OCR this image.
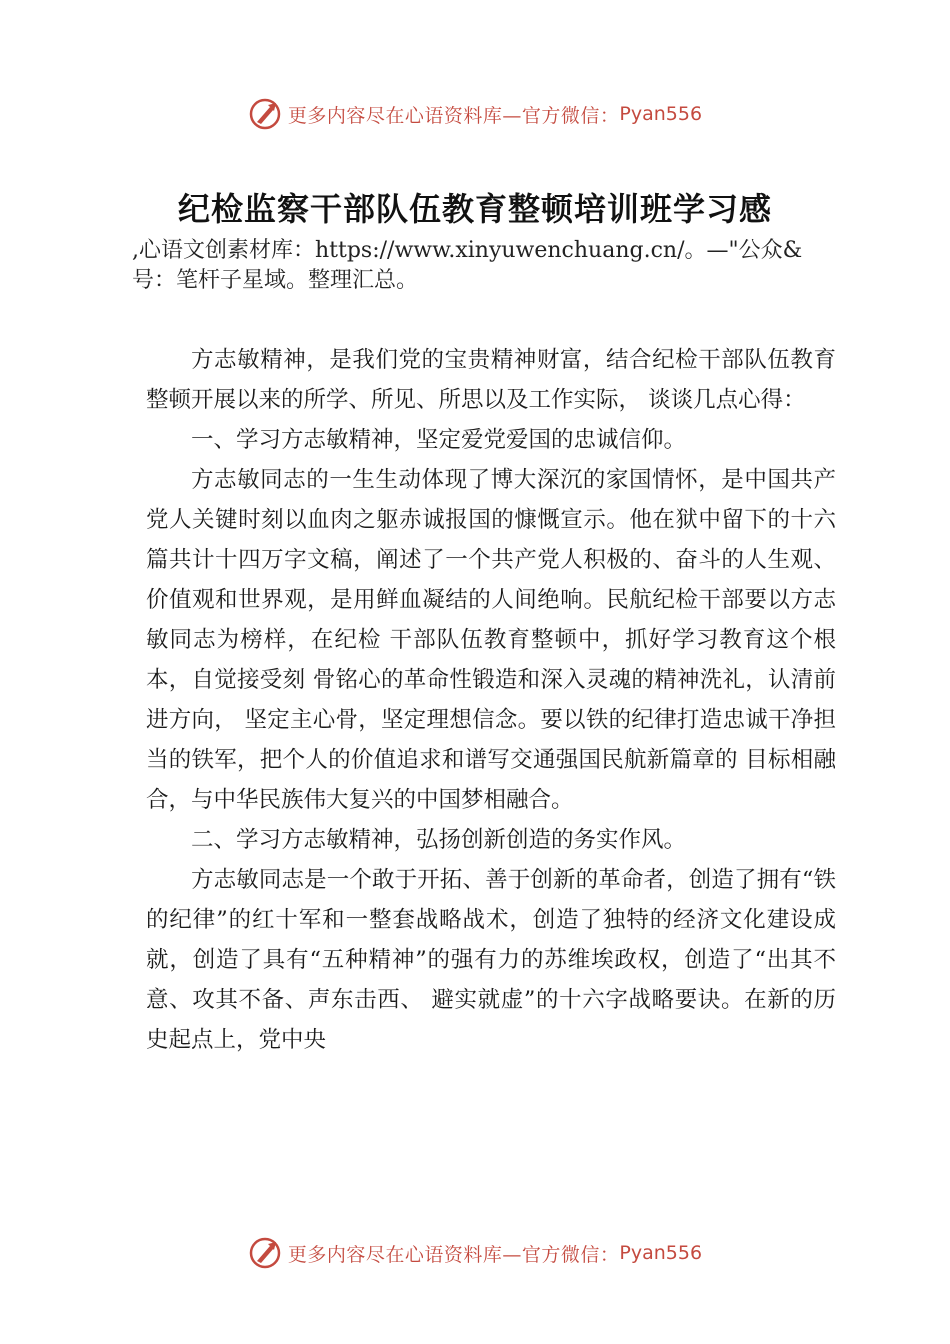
更多内容尽在心语资料库—官方微信： Pyan556
纪检监察干部队伍教育整顿培训班学习感
,心语文创素材库：https://www.xinyuwenchuang.cn/。—"公众&号：笔杆子星域。整理汇总。

方志敏精神，是我们党的宝贵精神财富，结合纪检干部队伍教育整顿开展以来的所学、所见、所思以及工作实际， 谈谈几点心得：

一、学习方志敏精神，坚定爱党爱国的忠诚信仰。

方志敏同志的一生生动体现了博大深沉的家国情怀，是中国共产党人关键时刻以血肉之躯赤诚报国的慷慨宣示。他在狱中留下的十六篇共计十四万字文稿，阐述了一个共产党人积极的、奋斗的人生观、价值观和世界观，是用鲜血凝结的人间绝响。民航纪检干部要以方志敏同志为榜样，在纪检 干部队伍教育整顿中，抓好学习教育这个根本，自觉接受刻 骨铭心的革命性锻造和深入灵魂的精神洗礼，认清前进方向， 坚定主心骨，坚定理想信念。要以铁的纪律打造忠诚干净担 当的铁军，把个人的价值追求和谱写交通强国民航新篇章的 目标相融合，与中华民族伟大复兴的中国梦相融合。

二、学习方志敏精神，弘扬创新创造的务实作风。

方志敏同志是一个敢于开拓、善于创新的革命者，创造了拥有“铁的纪律”的红十军和一整套战略战术，创造了独特的经济文化建设成就，创造了具有“五种精神”的强有力的苏维埃政权，创造了“出其不意、攻其不备、声东击西、 避实就虚”的十六字战略要诀。在新的历史起点上，党中央

更多内容尽在心语资料库—官方微信： Pyan556
